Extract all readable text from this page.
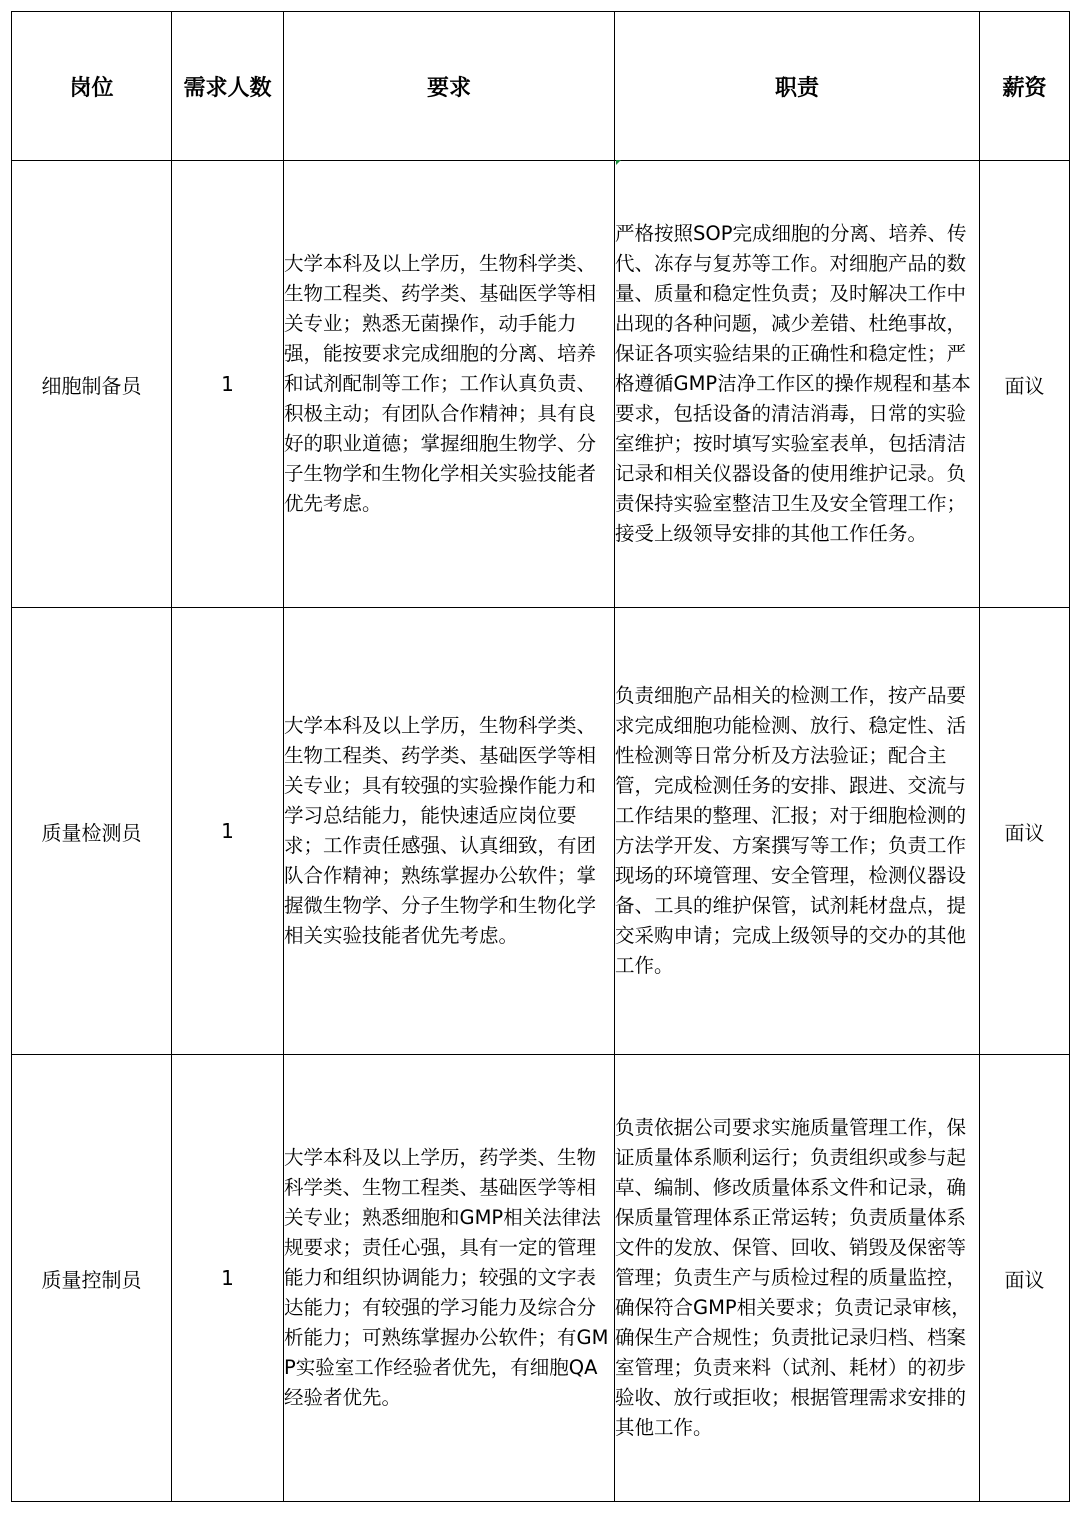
岗位	需求人数	要求	职责	薪资
细胞制备员	1	大学本科及以上学历，生物科学类、生物工程类、药学类、基础医学等相关专业；熟悉无菌操作，动手能力强，能按要求完成细胞的分离、培养和试剂配制等工作；工作认真负责、积极主动；有团队合作精神；具有良好的职业道德；掌握细胞生物学、分子生物学和生物化学相关实验技能者优先考虑。	严格按照SOP完成细胞的分离、培养、传代、冻存与复苏等工作。对细胞产品的数量、质量和稳定性负责；及时解决工作中出现的各种问题，减少差错、杜绝事故，保证各项实验结果的正确性和稳定性；严格遵循GMP洁净工作区的操作规程和基本要求，包括设备的清洁消毒，日常的实验室维护；按时填写实验室表单，包括清洁记录和相关仪器设备的使用维护记录。负责保持实验室整洁卫生及安全管理工作；接受上级领导安排的其他工作任务。	面议
质量检测员	1	大学本科及以上学历，生物科学类、生物工程类、药学类、基础医学等相关专业；具有较强的实验操作能力和学习总结能力，能快速适应岗位要求；工作责任感强、认真细致，有团队合作精神；熟练掌握办公软件；掌握微生物学、分子生物学和生物化学相关实验技能者优先考虑。	负责细胞产品相关的检测工作，按产品要求完成细胞功能检测、放行、稳定性、活性检测等日常分析及方法验证；配合主管，完成检测任务的安排、跟进、交流与工作结果的整理、汇报；对于细胞检测的方法学开发、方案撰写等工作；负责工作现场的环境管理、安全管理，检测仪器设备、工具的维护保管，试剂耗材盘点，提交采购申请；完成上级领导的交办的其他工作。	面议
质量控制员	1	大学本科及以上学历，药学类、生物科学类、生物工程类、基础医学等相关专业；熟悉细胞和GMP相关法律法规要求；责任心强，具有一定的管理能力和组织协调能力；较强的文字表达能力；有较强的学习能力及综合分析能力；可熟练掌握办公软件；有GMP实验室工作经验者优先，有细胞QA经验者优先。	负责依据公司要求实施质量管理工作，保证质量体系顺利运行；负责组织或参与起草、编制、修改质量体系文件和记录，确保质量管理体系正常运转；负责质量体系文件的发放、保管、回收、销毁及保密等管理；负责生产与质检过程的质量监控，确保符合GMP相关要求；负责记录审核，确保生产合规性；负责批记录归档、档案室管理；负责来料（试剂、耗材）的初步验收、放行或拒收；根据管理需求安排的其他工作。	面议
